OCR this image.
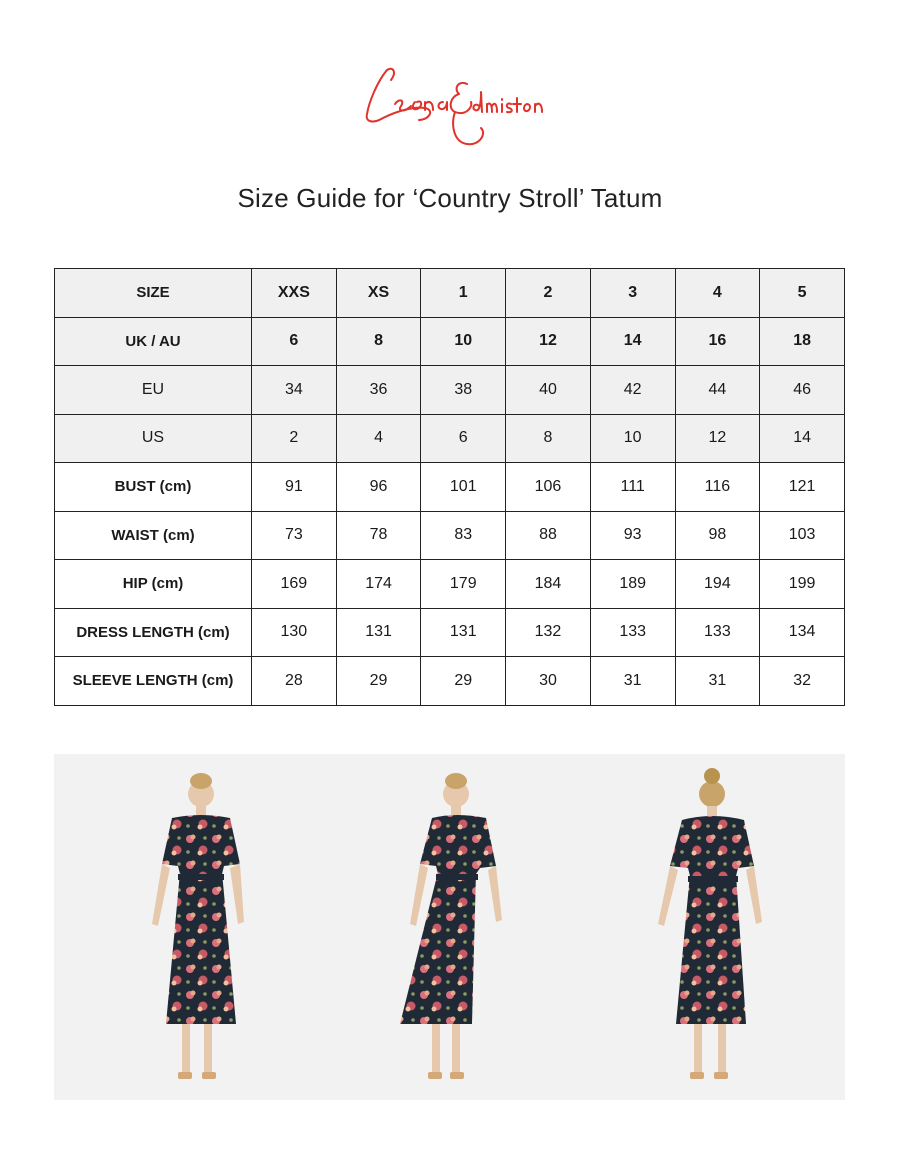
Size Guide for ‘Country Stroll’ Tatum
SIZE	XXS	XS	1	2	3	4	5
UK / AU	6	8	10	12	14	16	18
EU	34	36	38	40	42	44	46
US	2	4	6	8	10	12	14
BUST (cm)	91	96	101	106	111	116	121
WAIST (cm)	73	78	83	88	93	98	103
HIP (cm)	169	174	179	184	189	194	199
DRESS LENGTH (cm)	130	131	131	132	133	133	134
SLEEVE LENGTH (cm)	28	29	29	30	31	31	32
